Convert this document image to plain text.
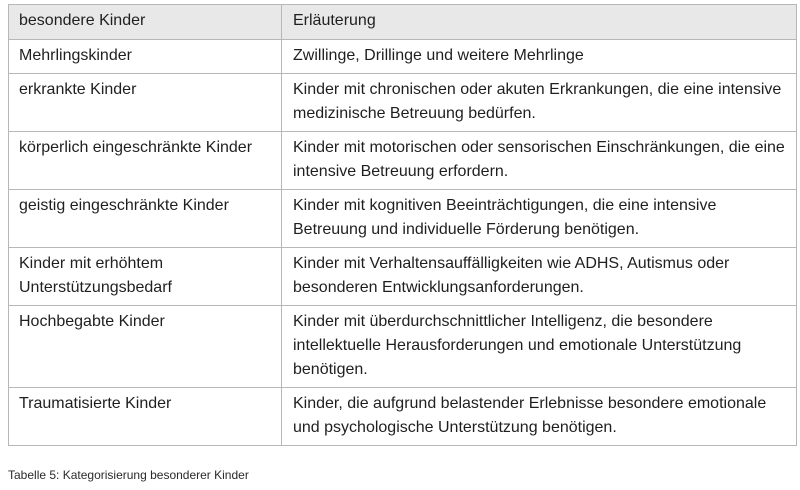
besondere Kinder	Erläuterung
Mehrlingskinder	Zwillinge, Drillinge und weitere Mehrlinge
erkrankte Kinder	Kinder mit chronischen oder akuten Erkrankungen, die eine intensive medizinische Betreuung bedürfen.
körperlich eingeschränkte Kinder	Kinder mit motorischen oder sensorischen Einschränkungen, die eine intensive Betreuung erfordern.
geistig eingeschränkte Kinder	Kinder mit kognitiven Beeinträchtigungen, die eine intensive Betreuung und individuelle Förderung benötigen.
Kinder mit erhöhtem Unterstützungsbedarf	Kinder mit Verhaltensauffälligkeiten wie ADHS, Autismus oder besonderen Entwicklungsanforderungen.
Hochbegabte Kinder	Kinder mit überdurchschnittlicher Intelligenz, die besondere intellektuelle Herausforderungen und emotionale Unterstützung benötigen.
Traumatisierte Kinder	Kinder, die aufgrund belastender Erlebnisse besondere emotionale und psychologische Unterstützung benötigen.
Tabelle 5: Kategorisierung besonderer Kinder
